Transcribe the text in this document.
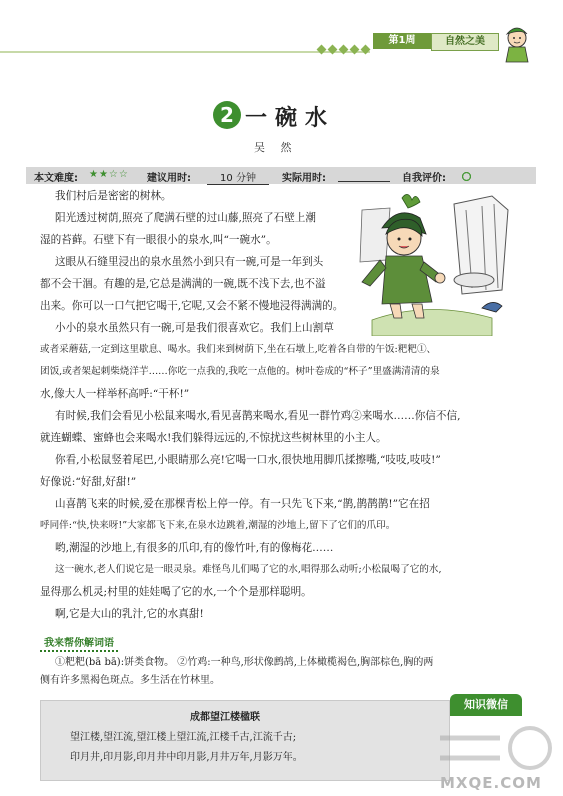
第1周	自然之美
2 一碗水
吴 然
本文难度: ★★☆☆ 建议用时:	10 分钟	实际用时:	自我评价:
我来帮你解词语
①粑粑(bā bā):饼类食物。 ②竹鸡:一种鸟,形状像鹧鸪,上体橄榄褐色,胸部棕色,胸的两
侧有许多黑褐色斑点。多生活在竹林里。
知识微信
成都望江楼楹联
望江楼,望江流,望江楼上望江流,江楼千古,江流千古;
印月井,印月影,印月井中印月影,月井万年,月影万年。
MXQE.COM
我们村后是密密的树林。
阳光透过树荫,照亮了爬满石壁的过山藤,照亮了石壁上潮
湿的苔藓。石壁下有一眼很小的泉水,叫“一碗水”。
这眼从石缝里浸出的泉水虽然小到只有一碗,可是一年到头
都不会干涸。有趣的是,它总是满满的一碗,既不浅下去,也不溢
出来。你可以一口气把它喝干,它呢,又会不紧不慢地浸得满满的。
小小的泉水虽然只有一碗,可是我们很喜欢它。我们上山割草
或者采蘑菇,一定到这里歇息、喝水。我们来到树荫下,坐在石墩上,吃着各自带的午饭:粑粑①、
团饭,或者架起刺柴烧洋芋……你吃一点我的,我吃一点他的。树叶卷成的“杯子”里盛满清清的泉
水,像大人一样举杯高呼:“干杯!”
有时候,我们会看见小松鼠来喝水,看见喜鹊来喝水,看见一群竹鸡②来喝水……你信不信,
就连蝴蝶、蜜蜂也会来喝水!我们躲得远远的,不惊扰这些树林里的小主人。
你看,小松鼠竖着尾巴,小眼睛那么亮!它喝一口水,很快地用脚爪揉擦嘴,“吱吱,吱吱!”
好像说:“好甜,好甜!”
山喜鹊飞来的时候,爱在那棵青松上停一停。有一只先飞下来,“鹊,鹊鹊鹊!”它在招
呼同伴:“快,快来呀!”大家都飞下来,在泉水边跳着,潮湿的沙地上,留下了它们的爪印。
哟,潮湿的沙地上,有很多的爪印,有的像竹叶,有的像梅花……
这一碗水,老人们说它是一眼灵泉。难怪鸟儿们喝了它的水,唱得那么动听;小松鼠喝了它的水,
显得那么机灵;村里的娃娃喝了它的水,一个个是那样聪明。
啊,它是大山的乳汁,它的水真甜!
